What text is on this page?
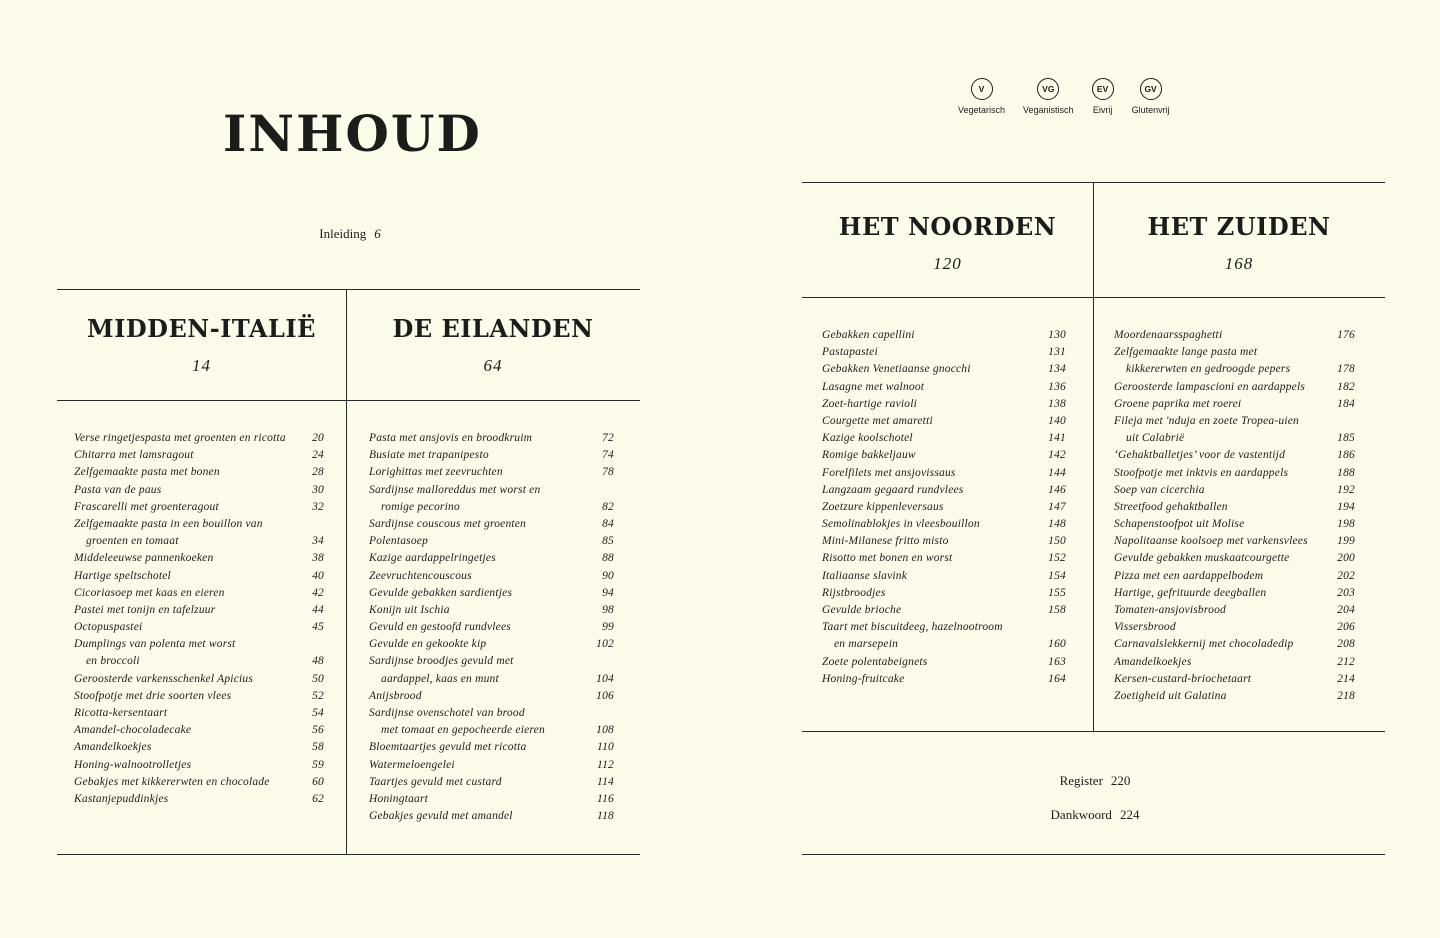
INHOUD
Inleiding 6
MIDDEN-ITALIË
14
DE EILANDEN
64
Verse ringetjespasta met groenten en ricotta 20
Chitarra met lamsragout	24
Zelfgemaakte pasta met bonen	28
Pasta van de paus	30
Frascarelli met groenteragout	32
Zelfgemaakte pasta in een bouillon van
groenten en tomaat	34
Middeleeuwse pannenkoeken	38
Hartige speltschotel	40
Cicoriasoep met kaas en eieren	42
Pastei met tonijn en tafelzuur	44
Octopuspastei	45
Dumplings van polenta met worst
en broccoli	48
Geroosterde varkensschenkel Apicius	50
Stoofpotje met drie soorten vlees	52
Ricotta-kersentaart	54
Amandel-chocoladecake	56
Amandelkoekjes	58
Honing-walnootrolletjes	59
Gebakjes met kikkererwten en chocolade	60
Kastanjepuddinkjes	62
Pasta met ansjovis en broodkruim	72
Busiate met trapanipesto	74
Lorighittas met zeevruchten	78
Sardijnse malloreddus met worst en
romige pecorino	82
Sardijnse couscous met groenten	84
Polentasoep	85
Kazige aardappelringetjes	88
Zeevruchtencouscous	90
Gevulde gebakken sardientjes	94
Konijn uit Ischia	98
Gevuld en gestoofd rundvlees	99
Gevulde en gekookte kip	102
Sardijnse broodjes gevuld met
aardappel, kaas en munt	104
Anijsbrood	106
Sardijnse ovenschotel van brood
met tomaat en gepocheerde eieren	108
Bloemtaartjes gevuld met ricotta	110
Watermeloengelei	112
Taartjes gevuld met custard	114
Honingtaart	116
Gebakjes gevuld met amandel	118
V
Vegetarisch
VG
Veganistisch
EV
Eivrij
GV
Glutenvrij
HET NOORDEN
120
HET ZUIDEN
168
Gebakken capellini	130
Pastapastei	131
Gebakken Venetiaanse gnocchi	134
Lasagne met walnoot	136
Zoet-hartige ravioli	138
Courgette met amaretti	140
Kazige koolschotel	141
Romige bakkeljauw	142
Forelfilets met ansjovissaus	144
Langzaam gegaard rundvlees	146
Zoetzure kippenleversaus	147
Semolinablokjes in vleesbouillon	148
Mini-Milanese fritto misto	150
Risotto met bonen en worst	152
Italiaanse slavink	154
Rijstbroodjes	155
Gevulde brioche	158
Taart met biscuitdeeg, hazelnootroom
en marsepein	160
Zoete polentabeignets	163
Honing-fruitcake	164
Moordenaarsspaghetti	176
Zelfgemaakte lange pasta met
kikkererwten en gedroogde pepers	178
Geroosterde lampascioni en aardappels	182
Groene paprika met roerei	184
Fileja met 'nduja en zoete Tropea-uien
uit Calabrië	185
‘Gehaktballetjes’ voor de vastentijd	186
Stoofpotje met inktvis en aardappels	188
Soep van cicerchia	192
Streetfood gehaktballen	194
Schapenstoofpot uit Molise	198
Napolitaanse koolsoep met varkensvlees	199
Gevulde gebakken muskaatcourgette	200
Pizza met een aardappelbodem	202
Hartige, gefrituurde deegballen	203
Tomaten-ansjovisbrood	204
Vissersbrood	206
Carnavalslekkernij met chocoladedip	208
Amandelkoekjes	212
Kersen-custard-briochetaart	214
Zoetigheid uit Galatina	218
Register 220
Dankwoord 224
